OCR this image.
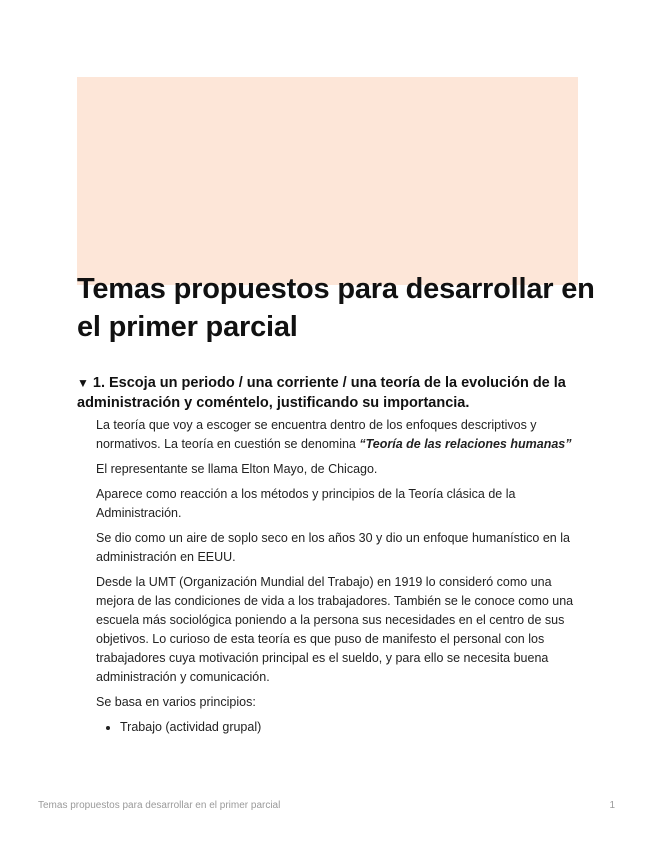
Temas propuestos para desarrollar en el primer parcial
▼ 1. Escoja un periodo / una corriente / una teoría de la evolución de la administración y coméntelo, justificando su importancia.

La teoría que voy a escoger se encuentra dentro de los enfoques descriptivos y normativos. La teoría en cuestión se denomina “Teoría de las relaciones humanas”

El representante se llama Elton Mayo, de Chicago.

Aparece como reacción a los métodos y principios de la Teoría clásica de la Administración.

Se dio como un aire de soplo seco en los años 30 y dio un enfoque humanístico en la administración en EEUU.

Desde la UMT (Organización Mundial del Trabajo) en 1919 lo consideró como una mejora de las condiciones de vida a los trabajadores. También se le conoce como una escuela más sociológica poniendo a la persona sus necesidades en el centro de sus objetivos. Lo curioso de esta teoría es que puso de manifesto el personal con los trabajadores cuya motivación principal es el sueldo, y para ello se necesita buena administración y comunicación.

Se basa en varios principios:

• Trabajo (actividad grupal)
Temas propuestos para desarrollar en el primer parcial	1
